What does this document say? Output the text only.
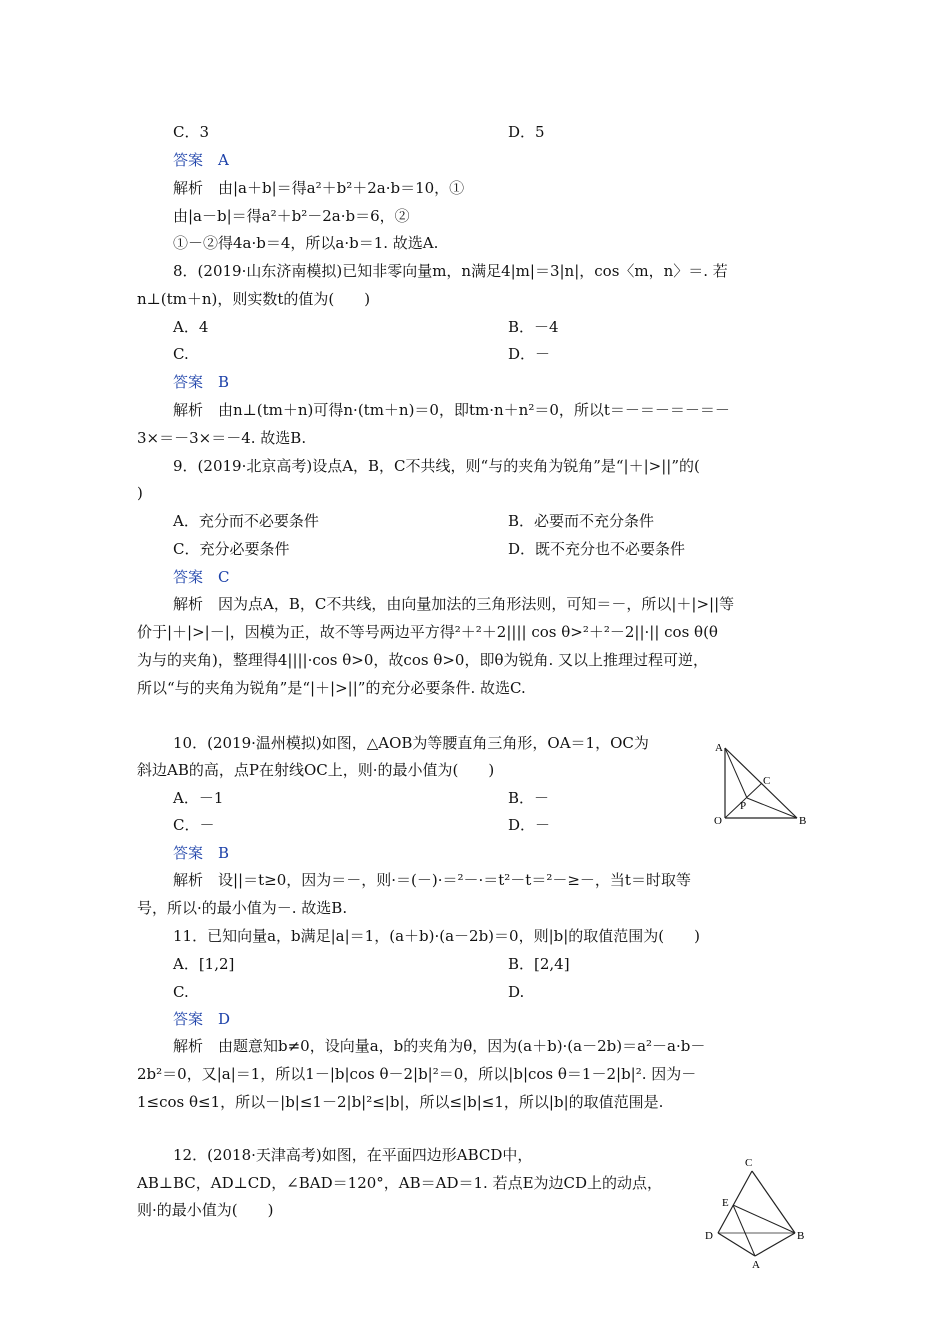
C．3	D．5
答案　A
解析　由|a＋b|＝得a²＋b²＋2a·b＝10，①
由|a－b|＝得a²＋b²－2a·b＝6，②
①－②得4a·b＝4，所以a·b＝1. 故选A.
8．(2019·山东济南模拟)已知非零向量m，n满足4|m|＝3|n|，cos〈m，n〉＝. 若
n⊥(tm＋n)，则实数t的值为(　　)
A．4	B．－4
C.	D．－
答案　B
解析　由n⊥(tm＋n)可得n·(tm＋n)＝0，即tm·n＋n²＝0，所以t＝－＝－＝－＝－
3×＝－3×＝－4. 故选B.
9．(2019·北京高考)设点A，B，C不共线，则“与的夹角为锐角”是“|＋|>||”的(
)
A．充分而不必要条件	B．必要而不充分条件
C．充分必要条件	D．既不充分也不必要条件
答案　C
解析　因为点A，B，C不共线，由向量加法的三角形法则，可知＝－，所以|＋|>||等
价于|＋|>|－|，因模为正，故不等号两边平方得²＋²＋2|||| cos θ>²＋²－2||·|| cos θ(θ
为与的夹角)，整理得4||||·cos θ>0，故cos θ>0，即θ为锐角. 又以上推理过程可逆，
所以“与的夹角为锐角”是“|＋|>||”的充分必要条件. 故选C.
10．(2019·温州模拟)如图，△AOB为等腰直角三角形，OA＝1，OC为
斜边AB的高，点P在射线OC上，则·的最小值为(　　)
A．－1	B．－
C．－	D．－
答案　B
解析　设||＝t≥0，因为＝－，则·＝(－)·＝²－·＝t²－t＝²－≥－，当t＝时取等
号，所以·的最小值为－. 故选B.
11．已知向量a，b满足|a|＝1，(a＋b)·(a－2b)＝0，则|b|的取值范围为(　　)
A．[1,2]	B．[2,4]
C.	D.
答案　D
解析　由题意知b≠0，设向量a，b的夹角为θ，因为(a＋b)·(a－2b)＝a²－a·b－
2b²＝0，又|a|＝1，所以1－|b|cos θ－2|b|²＝0，所以|b|cos θ＝1－2|b|². 因为－
1≤cos θ≤1，所以－|b|≤1－2|b|²≤|b|，所以≤|b|≤1，所以|b|的取值范围是.
12．(2018·天津高考)如图，在平面四边形ABCD中，
AB⊥BC，AD⊥CD，∠BAD＝120°，AB＝AD＝1. 若点E为边CD上的动点，
则·的最小值为(　　)
A
C
P
O	B
C
E
D	B
A
